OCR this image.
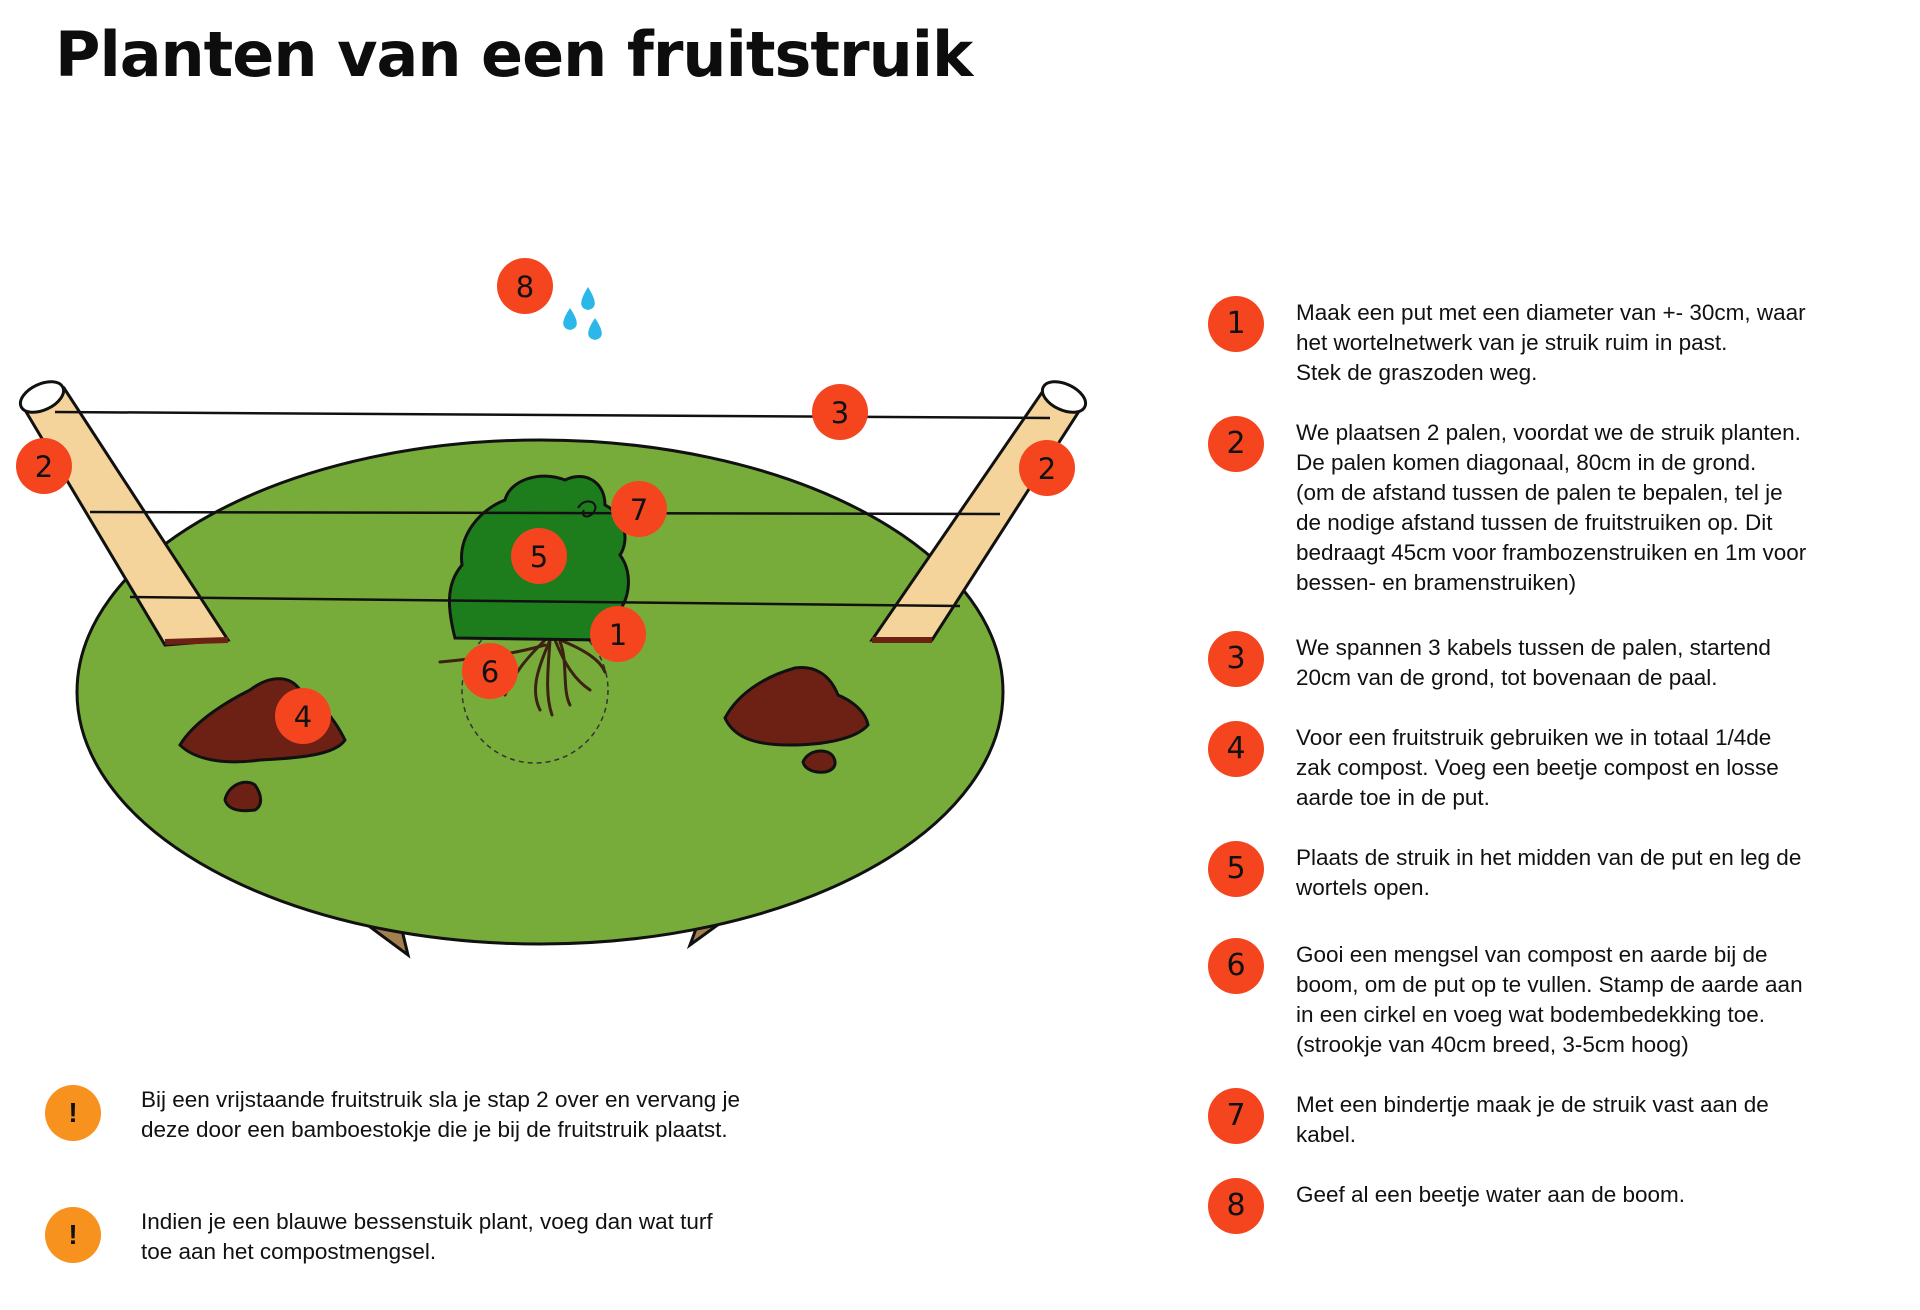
Planten van een fruitstruik
8
3
2	2
7
5
1
6
4
1	Maak een put met een diameter van +- 30cm, waar
het wortelnetwerk van je struik ruim in past.
Stek de graszoden weg.
2	We plaatsen 2 palen, voordat we de struik planten.
De palen komen diagonaal, 80cm in de grond.
(om de afstand tussen de palen te bepalen, tel je
de nodige afstand tussen de fruitstruiken op. Dit
bedraagt 45cm voor frambozenstruiken en 1m voor
bessen- en bramenstruiken)
3	We spannen 3 kabels tussen de palen, startend
20cm van de grond, tot bovenaan de paal.
4	Voor een fruitstruik gebruiken we in totaal 1/4de
zak compost. Voeg een beetje compost en losse
aarde toe in de put.
5	Plaats de struik in het midden van de put en leg de
wortels open.
6	Gooi een mengsel van compost en aarde bij de
boom, om de put op te vullen. Stamp de aarde aan
in een cirkel en voeg wat bodembedekking toe.
(strookje van 40cm breed, 3-5cm hoog)
7	Met een bindertje maak je de struik vast aan de
kabel.
8	Geef al een beetje water aan de boom.
!	Bij een vrijstaande fruitstruik sla je stap 2 over en vervang je deze door een bamboestokje die je bij de fruitstruik plaatst.
!	Indien je een blauwe bessenstuik plant, voeg dan wat turf toe aan het compostmengsel.
